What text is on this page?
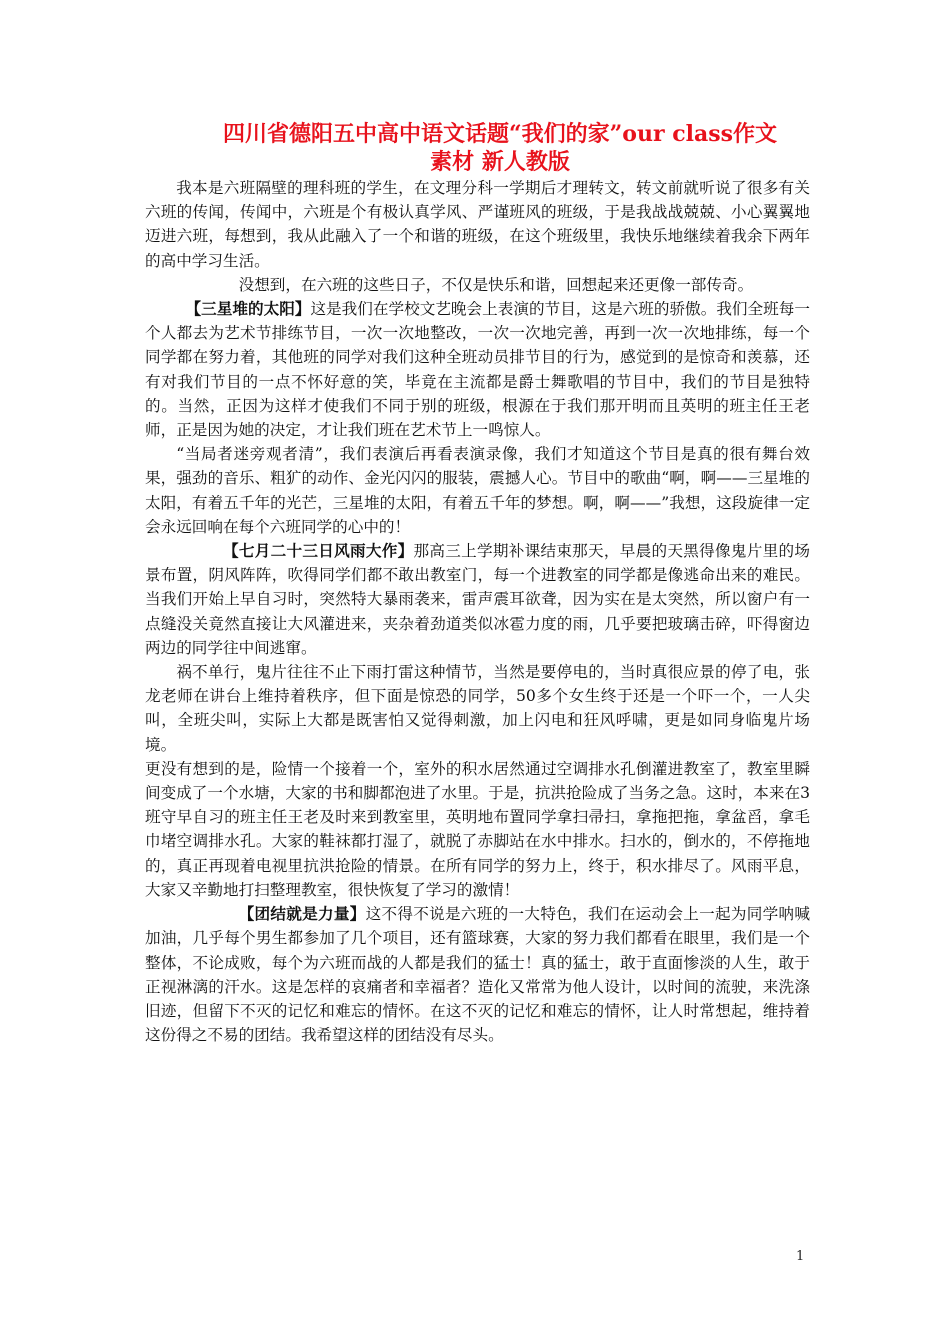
四川省德阳五中高中语文话题“我们的家”our class作文
素材 新人教版

我本是六班隔壁的理科班的学生，在文理分科一学期后才理转文，转文前就听说了很多有关六班的传闻，传闻中，六班是个有极认真学风、严谨班风的班级，于是我战战兢兢、小心翼翼地迈进六班，每想到，我从此融入了一个和谐的班级，在这个班级里，我快乐地继续着我余下两年的高中学习生活。

没想到，在六班的这些日子，不仅是快乐和谐，回想起来还更像一部传奇。

【三星堆的太阳】这是我们在学校文艺晚会上表演的节目，这是六班的骄傲。我们全班每一个人都去为艺术节排练节目，一次一次地整改，一次一次地完善，再到一次一次地排练，每一个同学都在努力着，其他班的同学对我们这种全班动员排节目的行为，感觉到的是惊奇和羡慕，还有对我们节目的一点不怀好意的笑，毕竟在主流都是爵士舞歌唱的节目中，我们的节目是独特的。当然，正因为这样才使我们不同于别的班级，根源在于我们那开明而且英明的班主任王老师，正是因为她的决定，才让我们班在艺术节上一鸣惊人。

“当局者迷旁观者清”，我们表演后再看表演录像，我们才知道这个节目是真的很有舞台效果，强劲的音乐、粗犷的动作、金光闪闪的服装，震撼人心。节目中的歌曲“啊，啊——三星堆的太阳，有着五千年的光芒，三星堆的太阳，有着五千年的梦想。啊，啊——”我想，这段旋律一定会永远回响在每个六班同学的心中的！

【七月二十三日风雨大作】那高三上学期补课结束那天，早晨的天黑得像鬼片里的场景布置，阴风阵阵，吹得同学们都不敢出教室门，每一个进教室的同学都是像逃命出来的难民。当我们开始上早自习时，突然特大暴雨袭来，雷声震耳欲聋，因为实在是太突然，所以窗户有一点缝没关竟然直接让大风灌进来，夹杂着劲道类似冰雹力度的雨，几乎要把玻璃击碎，吓得窗边两边的同学往中间逃窜。

祸不单行，鬼片往往不止下雨打雷这种情节，当然是要停电的，当时真很应景的停了电，张龙老师在讲台上维持着秩序，但下面是惊恐的同学，50多个女生终于还是一个吓一个，一人尖叫，全班尖叫，实际上大都是既害怕又觉得刺激，加上闪电和狂风呼啸，更是如同身临鬼片场境。

更没有想到的是，险情一个接着一个，室外的积水居然通过空调排水孔倒灌进教室了，教室里瞬间变成了一个水塘，大家的书和脚都泡进了水里。于是，抗洪抢险成了当务之急。这时，本来在3班守早自习的班主任王老及时来到教室里，英明地布置同学拿扫帚扫，拿拖把拖，拿盆舀，拿毛巾堵空调排水孔。大家的鞋袜都打湿了，就脱了赤脚站在水中排水。扫水的，倒水的，不停拖地的，真正再现着电视里抗洪抢险的情景。在所有同学的努力上，终于，积水排尽了。风雨平息，大家又辛勤地打扫整理教室，很快恢复了学习的激情！

【团结就是力量】这不得不说是六班的一大特色，我们在运动会上一起为同学呐喊加油，几乎每个男生都参加了几个项目，还有篮球赛，大家的努力我们都看在眼里，我们是一个整体，不论成败，每个为六班而战的人都是我们的猛士！真的猛士，敢于直面惨淡的人生，敢于正视淋漓的汗水。这是怎样的哀痛者和幸福者？造化又常常为他人设计，以时间的流驶，来洗涤旧迹，但留下不灭的记忆和难忘的情怀。在这不灭的记忆和难忘的情怀，让人时常想起，维持着这份得之不易的团结。我希望这样的团结没有尽头。

1
